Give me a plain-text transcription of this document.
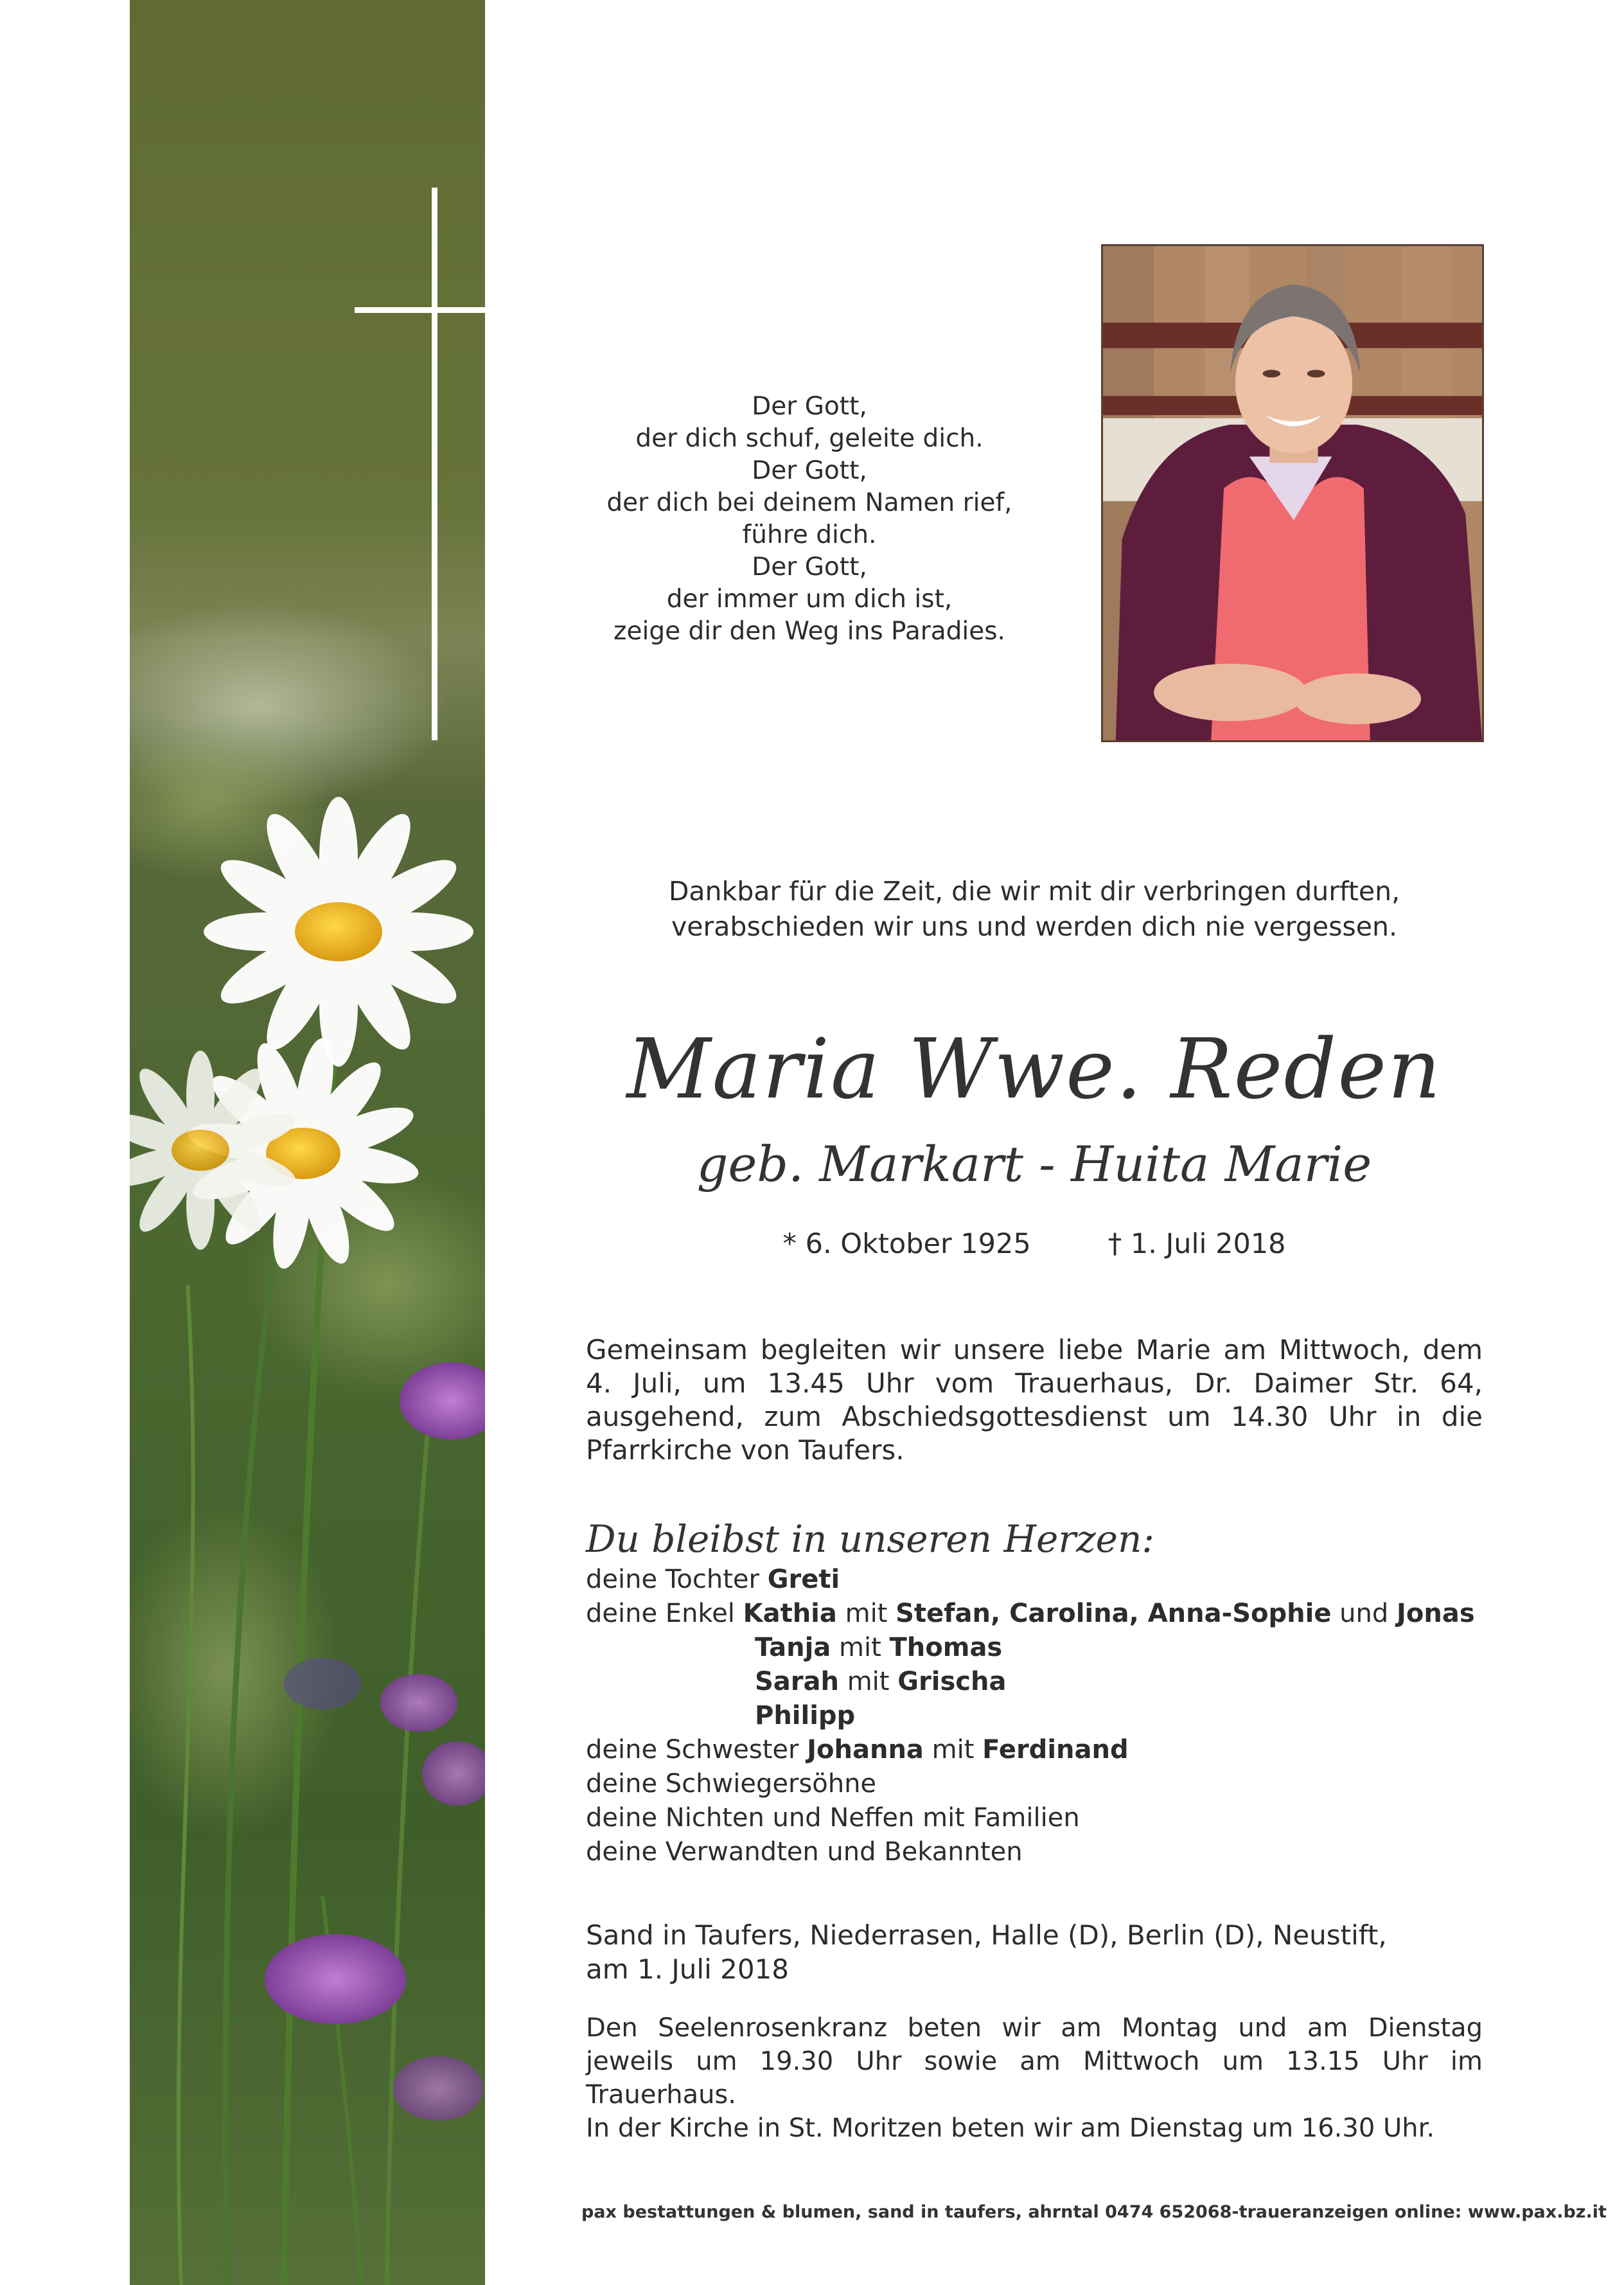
Der Gott,
der dich schuf, geleite dich.
Der Gott,
der dich bei deinem Namen rief,
führe dich.
Der Gott,
der immer um dich ist,
zeige dir den Weg ins Paradies.
Dankbar für die Zeit, die wir mit dir verbringen durften,
verabschieden wir uns und werden dich nie vergessen.
Maria Wwe. Reden
geb. Markart - Huita Marie
* 6. Oktober 1925	† 1. Juli 2018
Gemeinsam begleiten wir unsere liebe Marie am Mittwoch, dem 4. Juli, um 13.45 Uhr vom Trauerhaus, Dr. Daimer Str. 64, ausgehend, zum Abschiedsgottesdienst um 14.30 Uhr in die Pfarrkirche von Taufers.
Du bleibst in unseren Herzen:
deine Tochter Greti
deine Enkel Kathia mit Stefan, Carolina, Anna-Sophie und Jonas
Tanja mit Thomas
Sarah mit Grischa
Philipp
deine Schwester Johanna mit Ferdinand
deine Schwiegersöhne
deine Nichten und Neffen mit Familien
deine Verwandten und Bekannten
Sand in Taufers, Niederrasen, Halle (D), Berlin (D), Neustift,
am 1. Juli 2018
Den Seelenrosenkranz beten wir am Montag und am Dienstag
jeweils um 19.30 Uhr sowie am Mittwoch um 13.15 Uhr im Trauerhaus.
In der Kirche in St. Moritzen beten wir am Dienstag um 16.30 Uhr.
pax bestattungen & blumen, sand in taufers, ahrntal 0474 652068-traueranzeigen online: www.pax.bz.it
